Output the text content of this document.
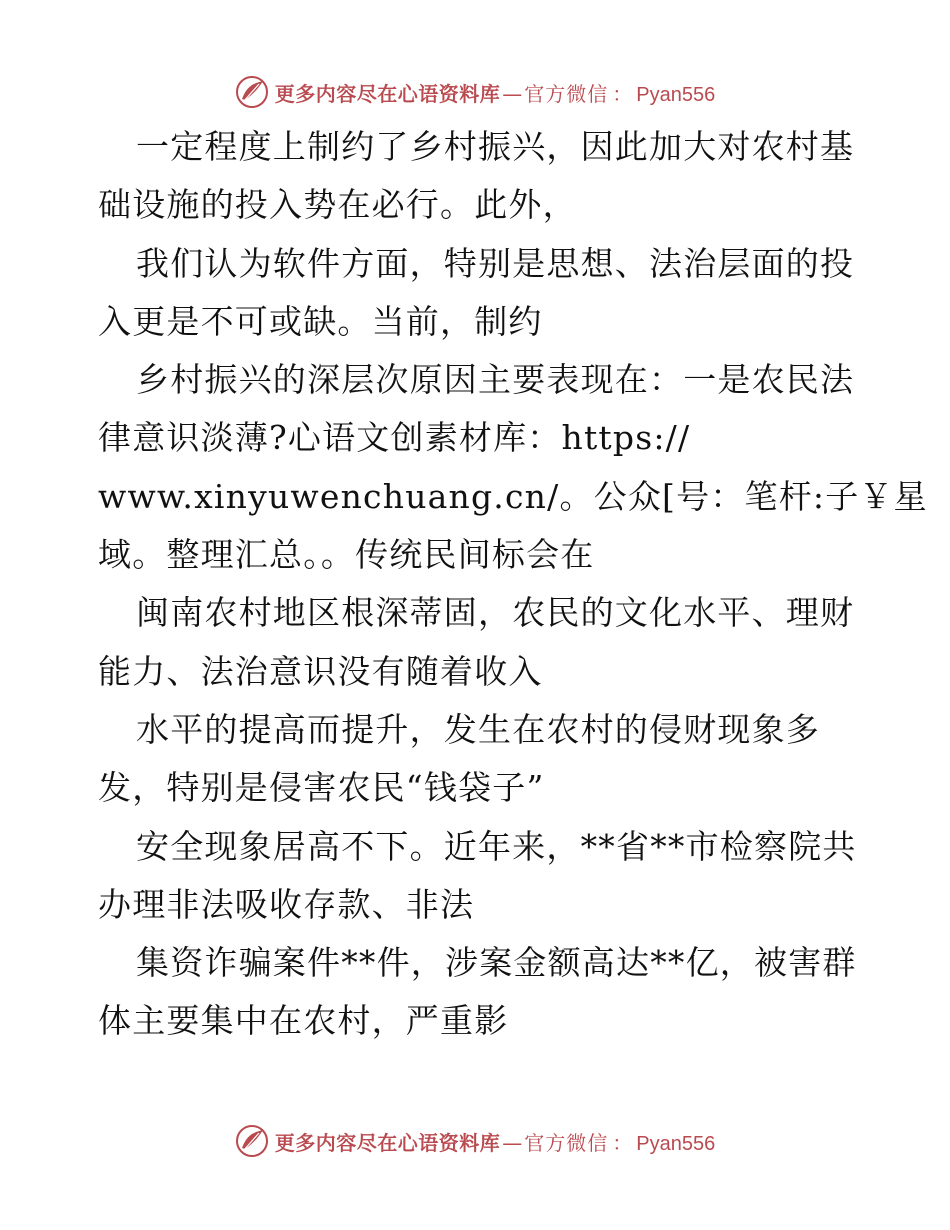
更多内容尽在心语资料库 — 官方微信 ： Pyan556
一定程度上制约了乡村振兴，因此加大对农村基
础设施的投入势在必行。此外，
我们认为软件方面，特别是思想、法治层面的投
入更是不可或缺。当前，制约
乡村振兴的深层次原因主要表现在：一是农民法
律意识淡薄?心语文创素材库：https://
www.xinyuwenchuang.cn/。公众[号：笔杆:子￥星
域。整理汇总。。传统民间标会在
闽南农村地区根深蒂固，农民的文化水平、理财
能力、法治意识没有随着收入
水平的提高而提升，发生在农村的侵财现象多
发，特别是侵害农民“钱袋子”
安全现象居高不下。近年来，**省**市检察院共
办理非法吸收存款、非法
集资诈骗案件**件，涉案金额高达**亿，被害群
体主要集中在农村，严重影
更多内容尽在心语资料库 — 官方微信 ： Pyan556
